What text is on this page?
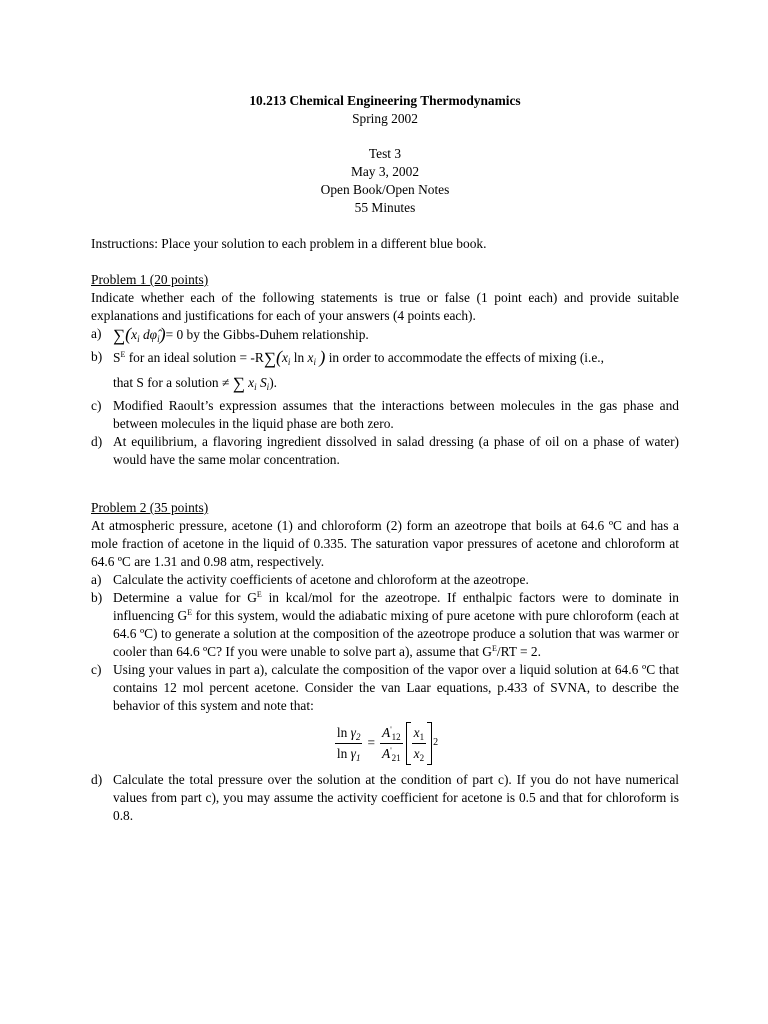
10.213 Chemical Engineering Thermodynamics
Spring 2002
Test 3
May 3, 2002
Open Book/Open Notes
55 Minutes
Instructions: Place your solution to each problem in a different blue book.
Problem 1 (20 points)
Indicate whether each of the following statements is true or false (1 point each) and provide suitable explanations and justifications for each of your answers (4 points each).
a) $\sum(x_i$ $d\varphî_i)= 0$ by the Gibbs-Duhem relationship.
b) $S^E$ for an ideal solution = $-R\sum(x_i$ $\ln x_i$ ) in order to accommodate the effects of mixing (i.e.,
that S for a solution ≠ ∑ $x_i$ $S_i$).
c) Modified Raoult’s expression assumes that the interactions between molecules in the gas phase and between molecules in the liquid phase are both zero.
d) At equilibrium, a flavoring ingredient dissolved in salad dressing (a phase of oil on a phase of water) would have the same molar concentration.
Problem 2 (35 points)
At atmospheric pressure, acetone (1) and chloroform (2) form an azeotrope that boils at 64.6 ºC and has a mole fraction of acetone in the liquid of 0.335. The saturation vapor pressures of acetone and chloroform at 64.6 ºC are 1.31 and 0.98 atm, respectively.
a) Calculate the activity coefficients of acetone and chloroform at the azeotrope.
b) Determine a value for $G^E$ in kcal/mol for the azeotrope. If enthalpic factors were to dominate in influencing $G^E$ for this system, would the adiabatic mixing of pure acetone with pure chloroform (each at 64.6 ºC) to generate a solution at the composition of the azeotrope produce a solution that was warmer or cooler than 64.6 ºC? If you were unable to solve part a), assume that $G^E/RT = 2$.
c) Using your values in part a), calculate the composition of the vapor over a liquid solution at 64.6 ºC that contains 12 mol percent acetone. Consider the van Laar equations, p.433 of SVNA, to describe the behavior of this system and note that:
$\frac{\ln \gamma_2}{\ln \gamma_1} = \frac{A'_{12}}{A'_{21}} \frac{x_1}{x_2} 2$
d) Calculate the total pressure over the solution at the condition of part c). If you do not have numerical values from part c), you may assume the activity coefficient for acetone is 0.5 and that for chloroform is 0.8.
